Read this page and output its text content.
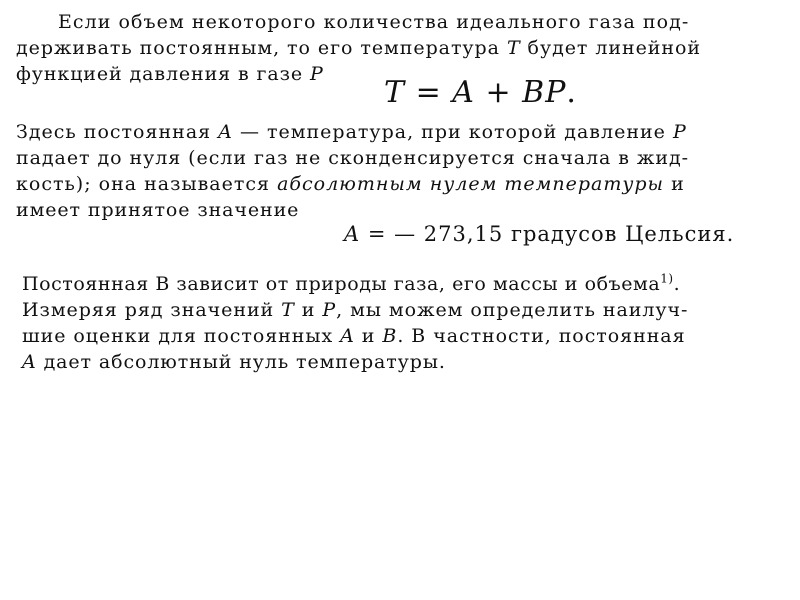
Если объем некоторого количества идеального газа под-
держивать постоянным, то его температура T будет линейной
функцией давления в газе P
T = A + BP.
Здесь постоянная A — температура, при которой давление P
падает до нуля (если газ не сконденсируется сначала в жид-
кость); она называется абсолютным нулем температуры и
имеет принятое значение
A = — 273,15 градусов Цельсия.
Постоянная B зависит от природы газа, его массы и объема$^{1)}$.
Измеряя ряд значений T и P, мы можем определить наилуч-
шие оценки для постоянных A и B. В частности, постоянная
A дает абсолютный нуль температуры.
